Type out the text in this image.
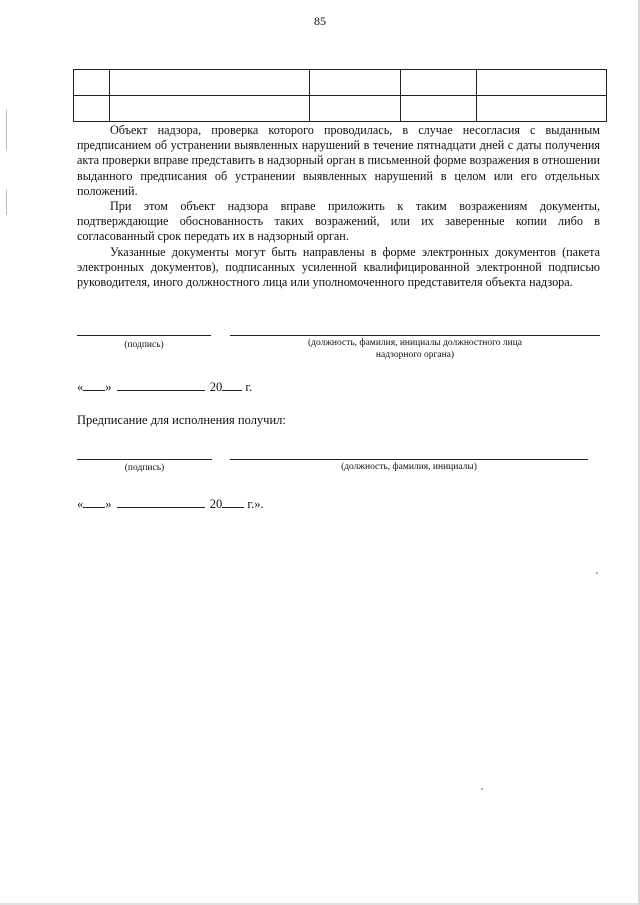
85

Объект надзора, проверка которого проводилась, в случае несогласия с выданным предписанием об устранении выявленных нарушений в течение пятнадцати дней с даты получения акта проверки вправе представить в надзорный орган в письменной форме возражения в отношении выданного предписания об устранении выявленных нарушений в целом или его отдельных положений.

При этом объект надзора вправе приложить к таким возражениям документы, подтверждающие обоснованность таких возражений, или их заверенные копии либо в согласованный срок передать их в надзорный орган.

Указанные документы могут быть направлены в форме электронных документов (пакета электронных документов), подписанных усиленной квалифицированной электронной подписью руководителя, иного должностного лица или уполномоченного представителя объекта надзора.

(подпись)	(должность, фамилия, инициалы должностного лица
надзорного органа)
« »	20 г.
Предписание для исполнения получил:
(подпись)	(должность, фамилия, инициалы)
« »	20 г.».
